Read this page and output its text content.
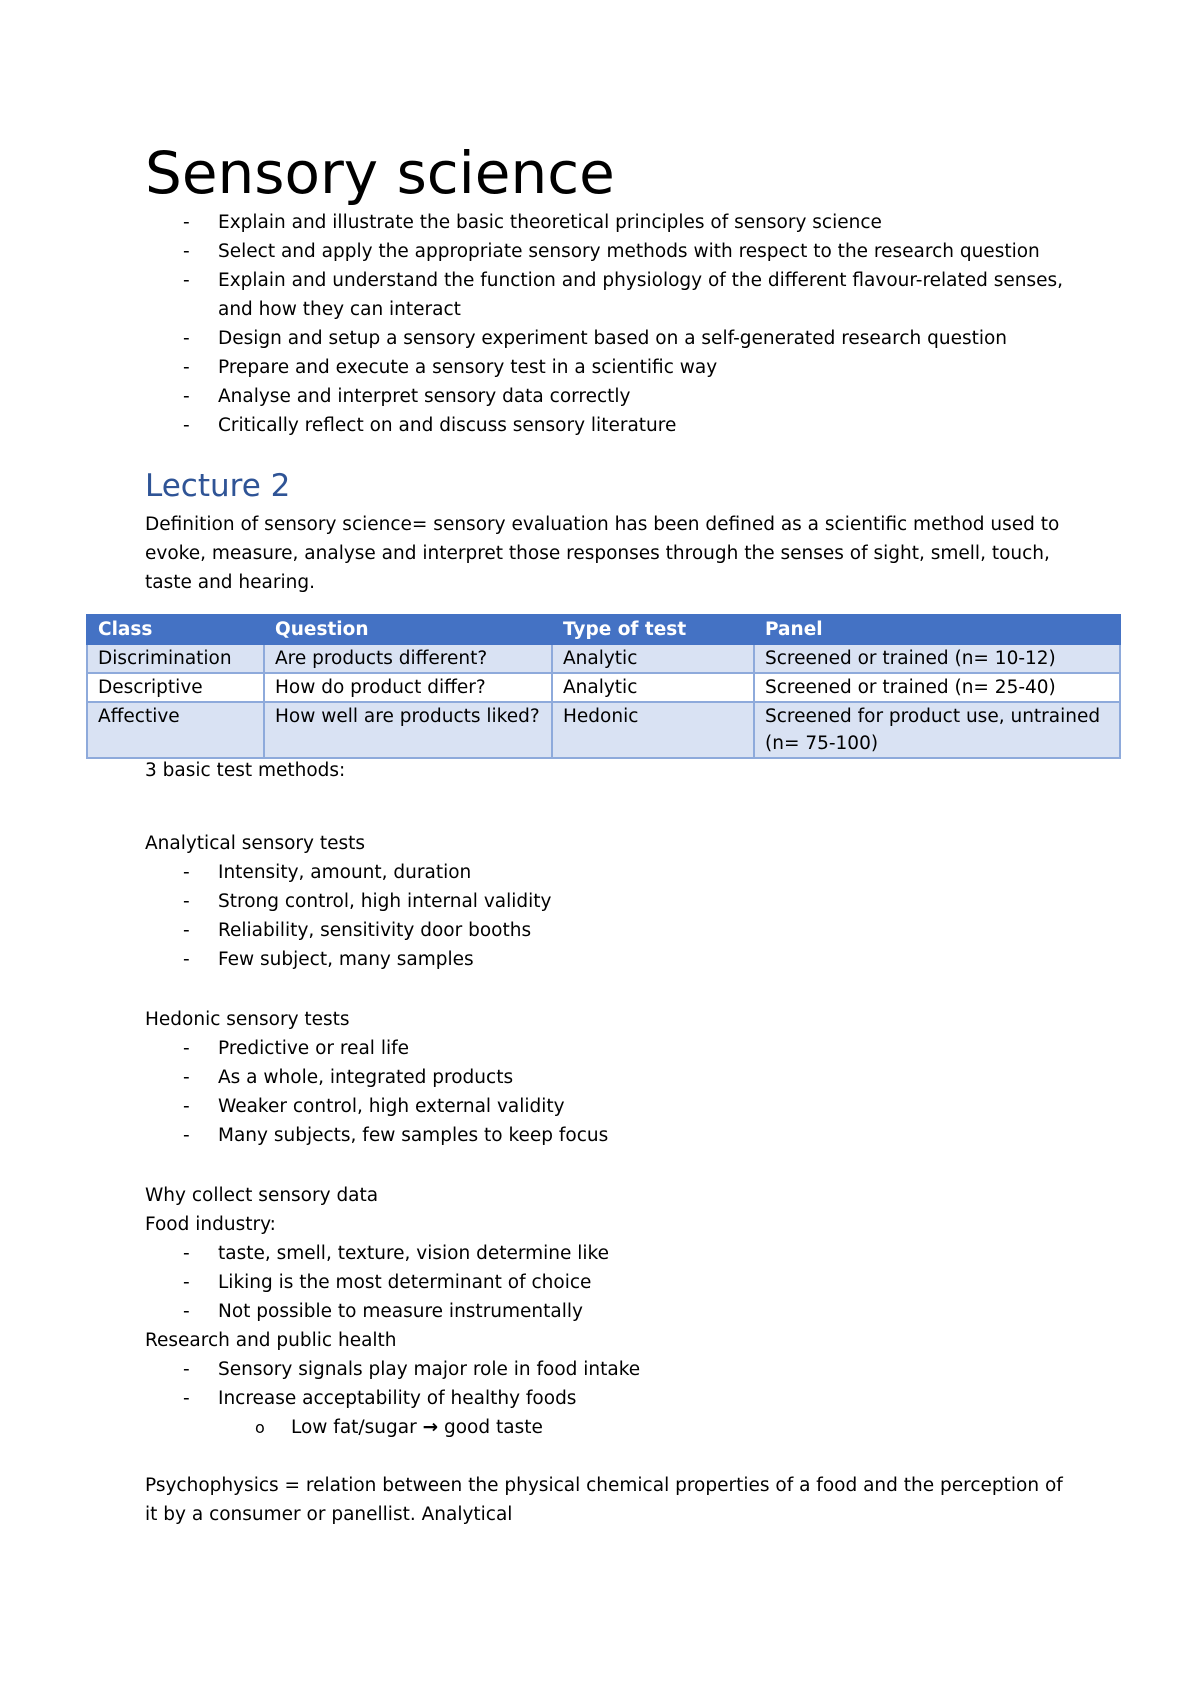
Sensory science
- Explain and illustrate the basic theoretical principles of sensory science
- Select and apply the appropriate sensory methods with respect to the research question
- Explain and understand the function and physiology of the different flavour-related senses, and how they can interact
- Design and setup a sensory experiment based on a self-generated research question
- Prepare and execute a sensory test in a scientific way
- Analyse and interpret sensory data correctly
- Critically reflect on and discuss sensory literature
Lecture 2

Definition of sensory science= sensory evaluation has been defined as a scientific method used to evoke, measure, analyse and interpret those responses through the senses of sight, smell, touch, taste and hearing.

Class	Question	Type of test	Panel
Discrimination	Are products different?	Analytic	Screened or trained (n= 10-12)
Descriptive	How do product differ?	Analytic	Screened or trained (n= 25-40)
Affective	How well are products liked?	Hedonic	Screened for product use, untrained (n= 75-100)

3 basic test methods:

Analytical sensory tests

- Intensity, amount, duration
- Strong control, high internal validity
- Reliability, sensitivity door booths
- Few subject, many samples

Hedonic sensory tests

- Predictive or real life
- As a whole, integrated products
- Weaker control, high external validity
- Many subjects, few samples to keep focus

Why collect sensory data

Food industry:

- taste, smell, texture, vision determine like
- Liking is the most determinant of choice
- Not possible to measure instrumentally

Research and public health

- Sensory signals play major role in food intake
- Increase acceptability of healthy foods
o Low fat/sugar → good taste

Psychophysics = relation between the physical chemical properties of a food and the perception of it by a consumer or panellist. Analytical
